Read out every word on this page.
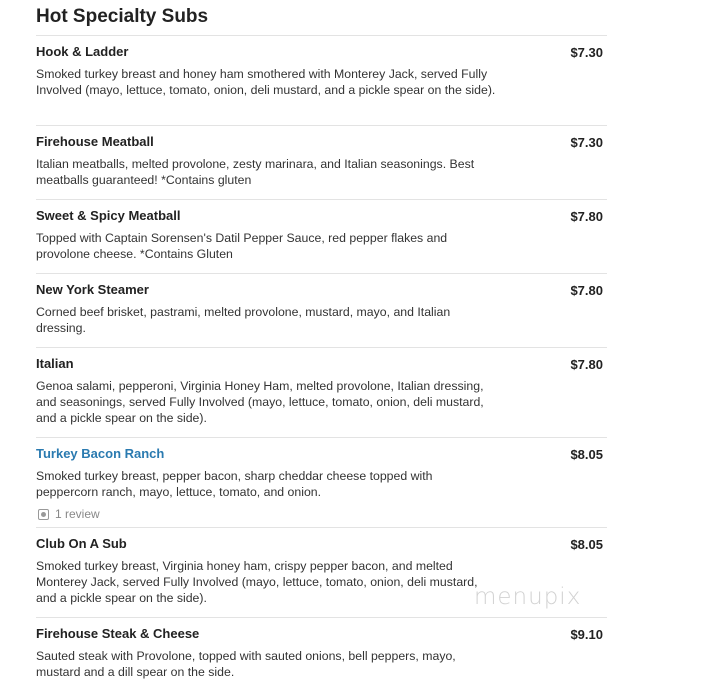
Hot Specialty Subs
Hook & Ladder	$7.30
Smoked turkey breast and honey ham smothered with Monterey Jack, served Fully Involved (mayo, lettuce, tomato, onion, deli mustard, and a pickle spear on the side).
Firehouse Meatball	$7.30
Italian meatballs, melted provolone, zesty marinara, and Italian seasonings. Best meatballs guaranteed! *Contains gluten
Sweet & Spicy Meatball	$7.80
Topped with Captain Sorensen's Datil Pepper Sauce, red pepper flakes and provolone cheese. *Contains Gluten
New York Steamer	$7.80
Corned beef brisket, pastrami, melted provolone, mustard, mayo, and Italian dressing.
Italian	$7.80
Genoa salami, pepperoni, Virginia Honey Ham, melted provolone, Italian dressing, and seasonings, served Fully Involved (mayo, lettuce, tomato, onion, deli mustard, and a pickle spear on the side).
Turkey Bacon Ranch	$8.05
Smoked turkey breast, pepper bacon, sharp cheddar cheese topped with peppercorn ranch, mayo, lettuce, tomato, and onion.
1 review
Club On A Sub	$8.05
Smoked turkey breast, Virginia honey ham, crispy pepper bacon, and melted Monterey Jack, served Fully Involved (mayo, lettuce, tomato, onion, deli mustard, and a pickle spear on the side).
Firehouse Steak & Cheese	$9.10
Sauted steak with Provolone, topped with sauted onions, bell peppers, mayo, mustard and a dill spear on the side.
menupix
